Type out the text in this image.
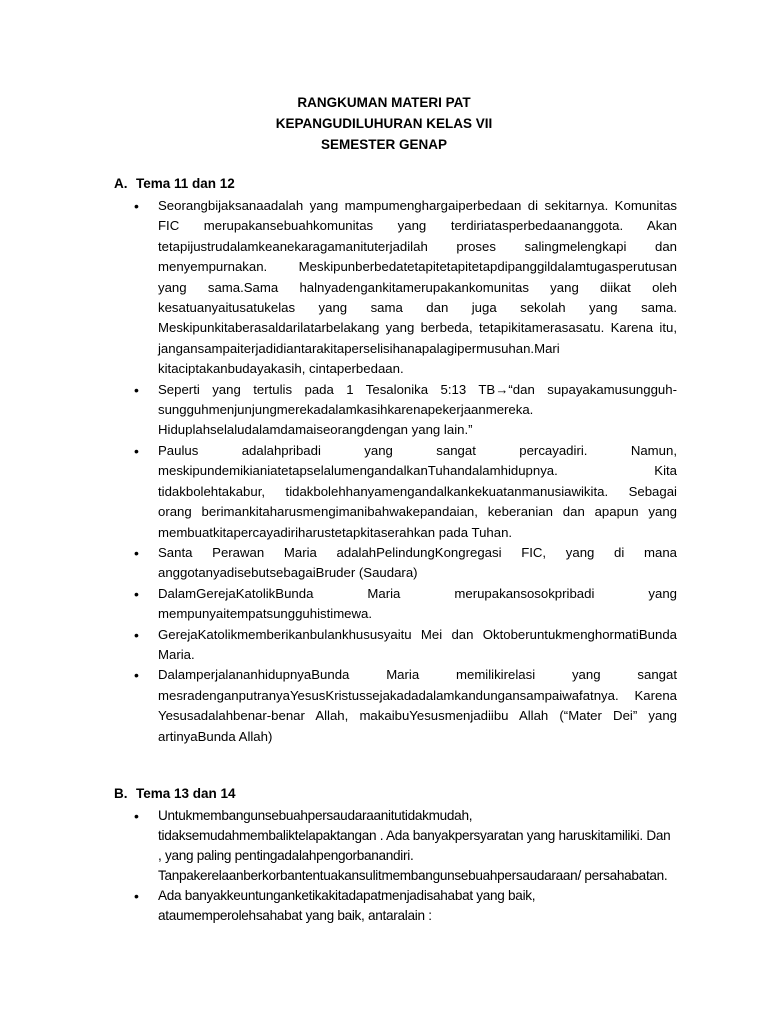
RANGKUMAN MATERI PAT
KEPANGUDILUHURAN KELAS VII
SEMESTER GENAP
A. Tema 11 dan 12
• Seorangbijaksanaadalah yang mampumenghargaiperbedaan di sekitarnya. Komunitas FIC merupakansebuahkomunitas yang terdiriatasperbedaananggota. Akan tetapijustrudalamkeanekaragamanituterjadilah proses salingmelengkapi dan menyempurnakan. Meskipunberbedatetapitetapitetapdipanggildalamtugasperutusan yang sama.Sama halnyadengankitamerupakankomunitas yang diikat oleh kesatuanyaitusatukelas yang sama dan juga sekolah yang sama. Meskipunkitaberasaldarilatarbelakang yang berbeda, tetapikitamerasasatu. Karena itu, jangansampaiterjadidiantarakitaperselisihanapalagipermusuhan.Mari kitaciptakanbudayakasih, cintaperbedaan.
• Seperti yang tertulis pada 1 Tesalonika 5:13 TB→“dan supayakamusungguh-sungguhmenjunjungmerekadalamkasihkarenapekerjaanmereka. Hiduplahselaludalamdamaiseorangdengan yang lain.”
• Paulus adalahpribadi yang sangat percayadiri. Namun, meskipundemikianiatetapselalumengandalkanTuhandalamhidupnya. Kita tidakbolehtakabur, tidakbolehhanyamengandalkankekuatanmanusiawikita. Sebagai orang berimankitaharusmengimanibahwakepandaian, keberanian dan apapun yang membuatkitapercayadiriharustetapkitaserahkan pada Tuhan.
• Santa Perawan Maria adalahPelindungKongregasi FIC, yang di mana anggotanyadisebutsebagaiBruder (Saudara)
• DalamGerejaKatolikBunda Maria merupakansosokpribadi yang mempunyaitempatsungguhistimewa.
• GerejaKatolikmemberikanbulankhususyaitu Mei dan OktoberuntukmenghormatiBunda Maria.
• DalamperjalananhidupnyaBunda Maria memilikirelasi yang sangat mesradenganputranyaYesusKristussejakadadalamkandungansampaiwafatnya. Karena Yesusadalahbenar-benar Allah, makaibuYesusmenjadiibu Allah (“Mater Dei” yang artinyaBunda Allah)
B. Tema 13 dan 14
• Untukmembangunsebuahpersaudaraanitutidakmudah, tidaksemudahmembaliktelapaktangan . Ada banyakpersyaratan yang haruskitamiliki. Dan , yang paling pentingadalahpengorbanandiri. Tanpakerelaanberkorbantentuakansulitmembangunsebuahpersaudaraan/ persahabatan.
• Ada banyakkeuntunganketikakitadapatmenjadisahabat yang baik, ataumemperolehsahabat yang baik, antaralain :
